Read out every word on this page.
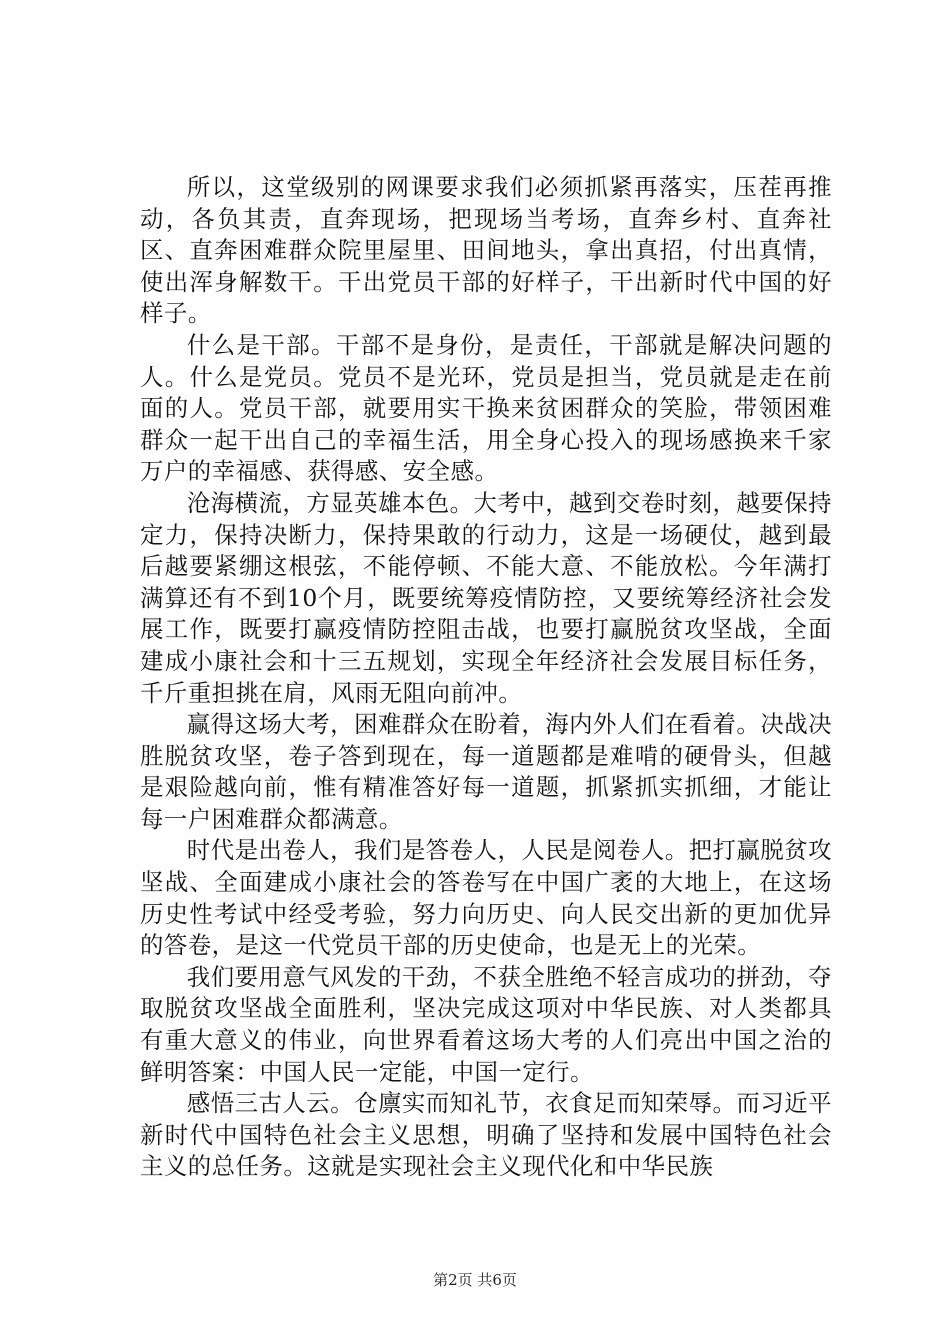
所以，这堂级别的网课要求我们必须抓紧再落实，压茬再推动，各负其责，直奔现场，把现场当考场，直奔乡村、直奔社区、直奔困难群众院里屋里、田间地头，拿出真招，付出真情，使出浑身解数干。干出党员干部的好样子，干出新时代中国的好样子。

什么是干部。干部不是身份，是责任，干部就是解决问题的人。什么是党员。党员不是光环，党员是担当，党员就是走在前面的人。党员干部，就要用实干换来贫困群众的笑脸，带领困难群众一起干出自己的幸福生活，用全身心投入的现场感换来千家万户的幸福感、获得感、安全感。

沧海横流，方显英雄本色。大考中，越到交卷时刻，越要保持定力，保持决断力，保持果敢的行动力，这是一场硬仗，越到最后越要紧绷这根弦，不能停顿、不能大意、不能放松。今年满打满算还有不到10个月，既要统筹疫情防控，又要统筹经济社会发展工作，既要打赢疫情防控阻击战，也要打赢脱贫攻坚战，全面建成小康社会和十三五规划，实现全年经济社会发展目标任务，千斤重担挑在肩，风雨无阻向前冲。

赢得这场大考，困难群众在盼着，海内外人们在看着。决战决胜脱贫攻坚，卷子答到现在，每一道题都是难啃的硬骨头，但越是艰险越向前，惟有精准答好每一道题，抓紧抓实抓细，才能让每一户困难群众都满意。

时代是出卷人，我们是答卷人，人民是阅卷人。把打赢脱贫攻坚战、全面建成小康社会的答卷写在中国广袤的大地上，在这场历史性考试中经受考验，努力向历史、向人民交出新的更加优异的答卷，是这一代党员干部的历史使命，也是无上的光荣。

我们要用意气风发的干劲，不获全胜绝不轻言成功的拼劲，夺取脱贫攻坚战全面胜利，坚决完成这项对中华民族、对人类都具有重大意义的伟业，向世界看着这场大考的人们亮出中国之治的鲜明答案：中国人民一定能，中国一定行。

感悟三古人云。仓廪实而知礼节，衣食足而知荣辱。而习近平新时代中国特色社会主义思想，明确了坚持和发展中国特色社会主义的总任务。这就是实现社会主义现代化和中华民族

第2页 共6页
